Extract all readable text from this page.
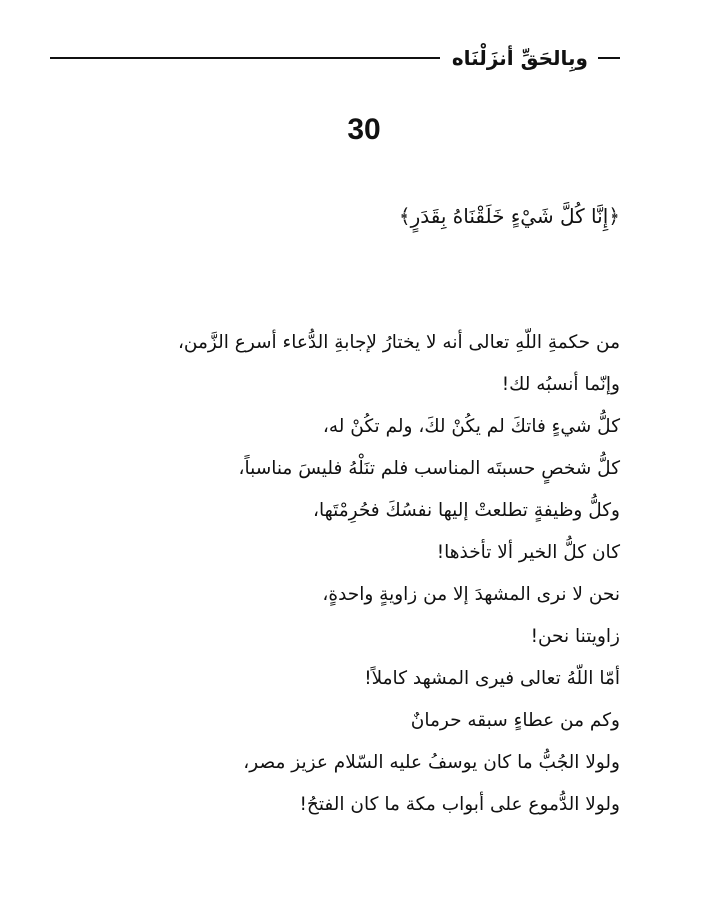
وبِالحَقِّ أنزَلْنَاه
30
﴿إِنَّا كُلَّ شَيْءٍ خَلَقْنَاهُ بِقَدَرٍ﴾
من حكمةِ اللّهِ تعالى أنه لا يختارُ لإجابةِ الدُّعاء أسرع الزَّمن،
وإنّما أنسبُه لك!
كلُّ شيءٍ فاتكَ لم يكُنْ لكَ، ولم تكُنْ له،
كلُّ شخصٍ حسبتَه المناسب فلم تنَلْهُ فليسَ مناسباً،
وكلُّ وظيفةٍ تطلعتْ إليها نفسُكَ فحُرِمْتَها،
كان كلُّ الخير ألا تأخذها!
نحن لا نرى المشهدَ إلا من زاويةٍ واحدةٍ،
زاويتنا نحن!
أمّا اللّهُ تعالى فيرى المشهد كاملاً!
وكم من عطاءٍ سبقه حرمانٌ
ولولا الجُبُّ ما كان يوسفُ عليه السّلام عزيز مصر،
ولولا الدُّموع على أبواب مكة ما كان الفتحُ!
